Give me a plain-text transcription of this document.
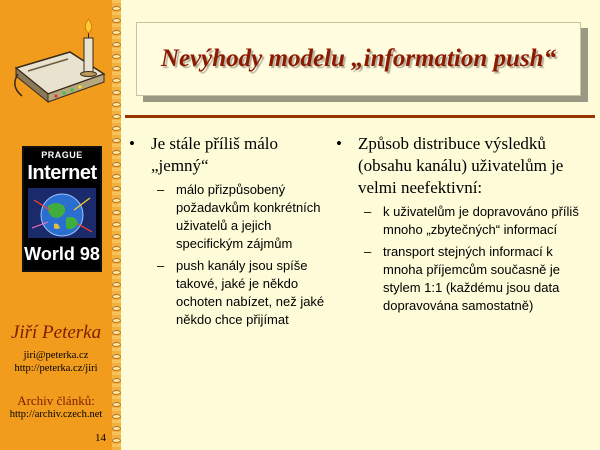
PRAGUE
Internet
World 98
Jiří Peterka
jiri@peterka.cz
http://peterka.cz/jiri
Archiv článků:
http://archiv.czech.net
14
Nevýhody modelu „information push“
• Je stále příliš málo „jemný“
– málo přizpůsobený požadavkům konkrétních uživatelů a jejich specifickým zájmům
– push kanály jsou spíše takové, jaké je někdo ochoten nabízet, než jaké někdo chce přijímat
• Způsob distribuce výsledků (obsahu kanálu) uživatelům je velmi neefektivní:
– k uživatelům je dopravováno příliš mnoho „zbytečných“ informací
– transport stejných informací k mnoha příjemcům současně je stylem 1:1 (každému jsou data dopravována samostatně)
